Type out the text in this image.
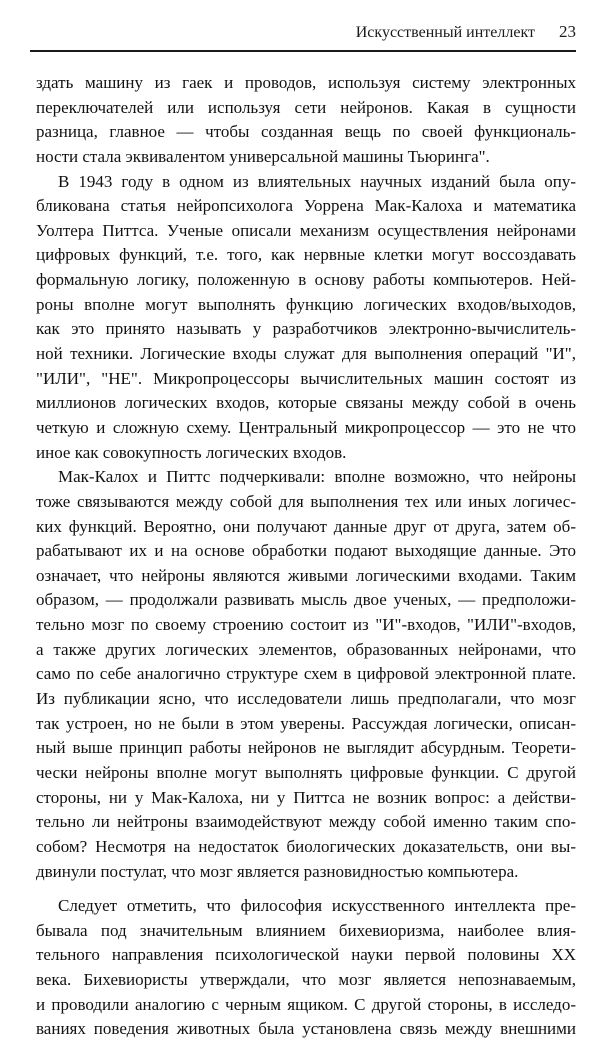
Искусственный интеллект 23
здать машину из гаек и проводов, используя систему электронных
переключателей или используя сети нейронов. Какая в сущности
разница, главное — чтобы созданная вещь по своей функциональ-
ности стала эквивалентом универсальной машины Тьюринга".
В 1943 году в одном из влиятельных научных изданий была опу-
бликована статья нейропсихолога Уоррена Мак-Калоха и математика
Уолтера Питтса. Ученые описали механизм осуществления нейронами
цифровых функций, т.е. того, как нервные клетки могут воссоздавать
формальную логику, положенную в основу работы компьютеров. Ней-
роны вполне могут выполнять функцию логических входов/выходов,
как это принято называть у разработчиков электронно-вычислитель-
ной техники. Логические входы служат для выполнения операций "И",
"ИЛИ", "НЕ". Микропроцессоры вычислительных машин состоят из
миллионов логических входов, которые связаны между собой в очень
четкую и сложную схему. Центральный микропроцессор — это не что
иное как совокупность логических входов.
Мак-Калох и Питтс подчеркивали: вполне возможно, что нейроны
тоже связываются между собой для выполнения тех или иных логичес-
ких функций. Вероятно, они получают данные друг от друга, затем об-
рабатывают их и на основе обработки подают выходящие данные. Это
означает, что нейроны являются живыми логическими входами. Таким
образом, — продолжали развивать мысль двое ученых, — предположи-
тельно мозг по своему строению состоит из "И"-входов, "ИЛИ"-входов,
а также других логических элементов, образованных нейронами, что
само по себе аналогично структуре схем в цифровой электронной плате.
Из публикации ясно, что исследователи лишь предполагали, что мозг
так устроен, но не были в этом уверены. Рассуждая логически, описан-
ный выше принцип работы нейронов не выглядит абсурдным. Теорети-
чески нейроны вполне могут выполнять цифровые функции. С другой
стороны, ни у Мак-Калоха, ни у Питтса не возник вопрос: а действи-
тельно ли нейтроны взаимодействуют между собой именно таким спо-
собом? Несмотря на недостаток биологических доказательств, они вы-
двинули постулат, что мозг является разновидностью компьютера.
Следует отметить, что философия искусственного интеллекта пре-
бывала под значительным влиянием бихевиоризма, наиболее влия-
тельного направления психологической науки первой половины XX
века. Бихевиористы утверждали, что мозг является непознаваемым,
и проводили аналогию с черным ящиком. С другой стороны, в исследо-
ваниях поведения животных была установлена связь между внешними
